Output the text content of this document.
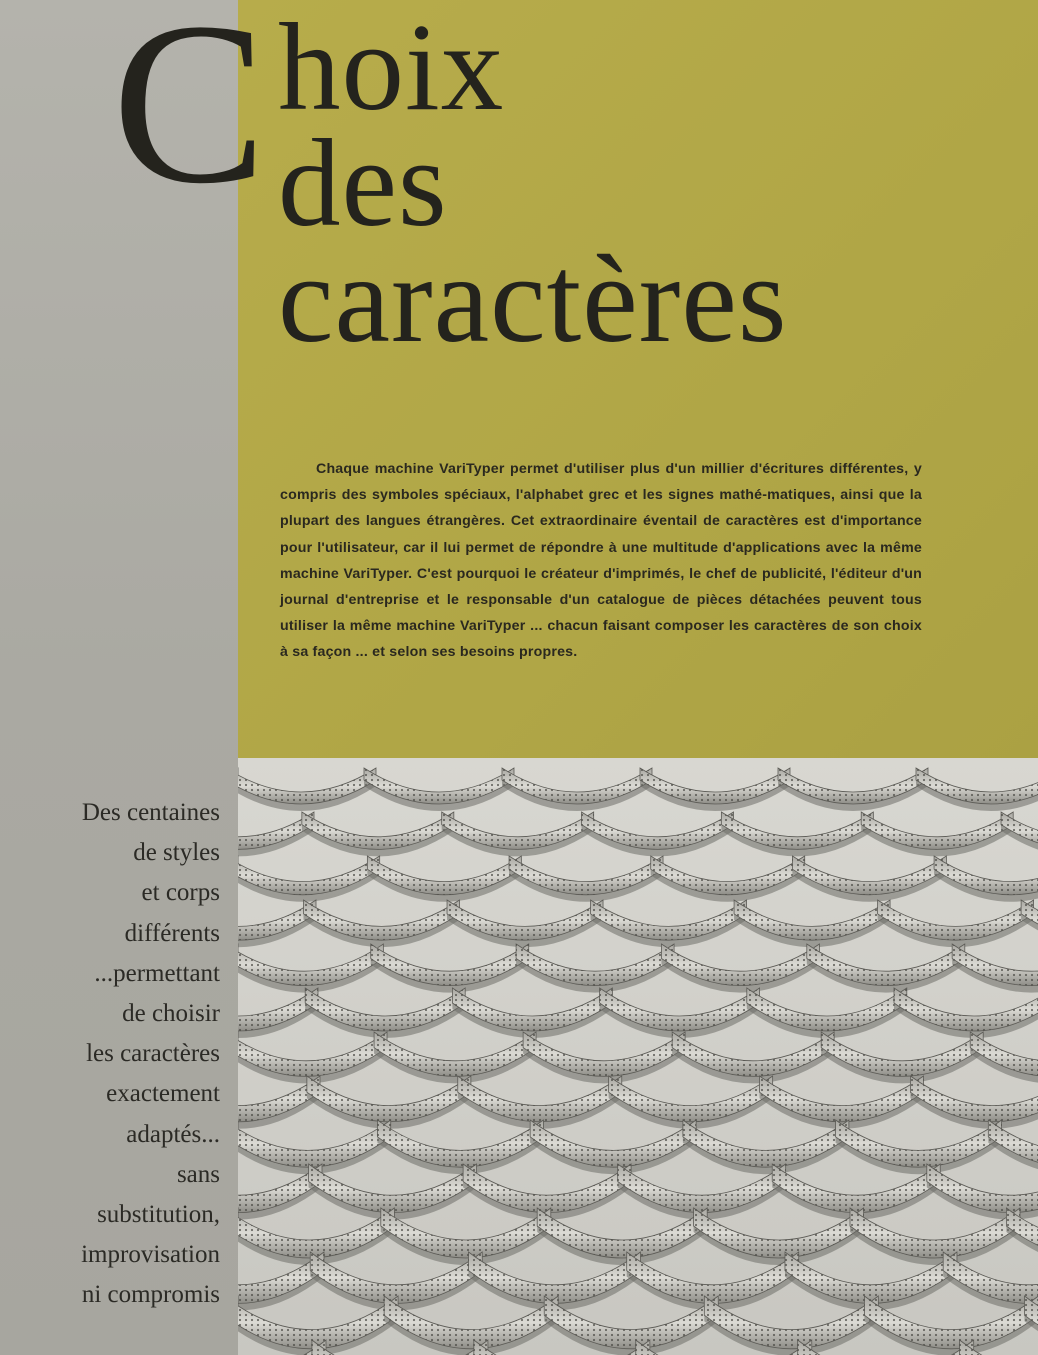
C hoix
des
caractères

Chaque machine VariTyper permet d'utiliser plus d'un millier d'écritures différentes, y compris des symboles spéciaux, l'alphabet grec et les signes mathé-matiques, ainsi que la plupart des langues étrangères. Cet extraordinaire éventail de caractères est d'importance pour l'utilisateur, car il lui permet de répondre à une multitude d'applications avec la même machine VariTyper. C'est pourquoi le créateur d'imprimés, le chef de publicité, l'éditeur d'un journal d'entreprise et le responsable d'un catalogue de pièces détachées peuvent tous utiliser la même machine VariTyper ... chacun faisant composer les caractères de son choix à sa façon ... et selon ses besoins propres.

Des centaines
de styles
et corps
différents
...permettant
de choisir
les caractères
exactement
adaptés...
sans
substitution,
improvisation
ni compromis
